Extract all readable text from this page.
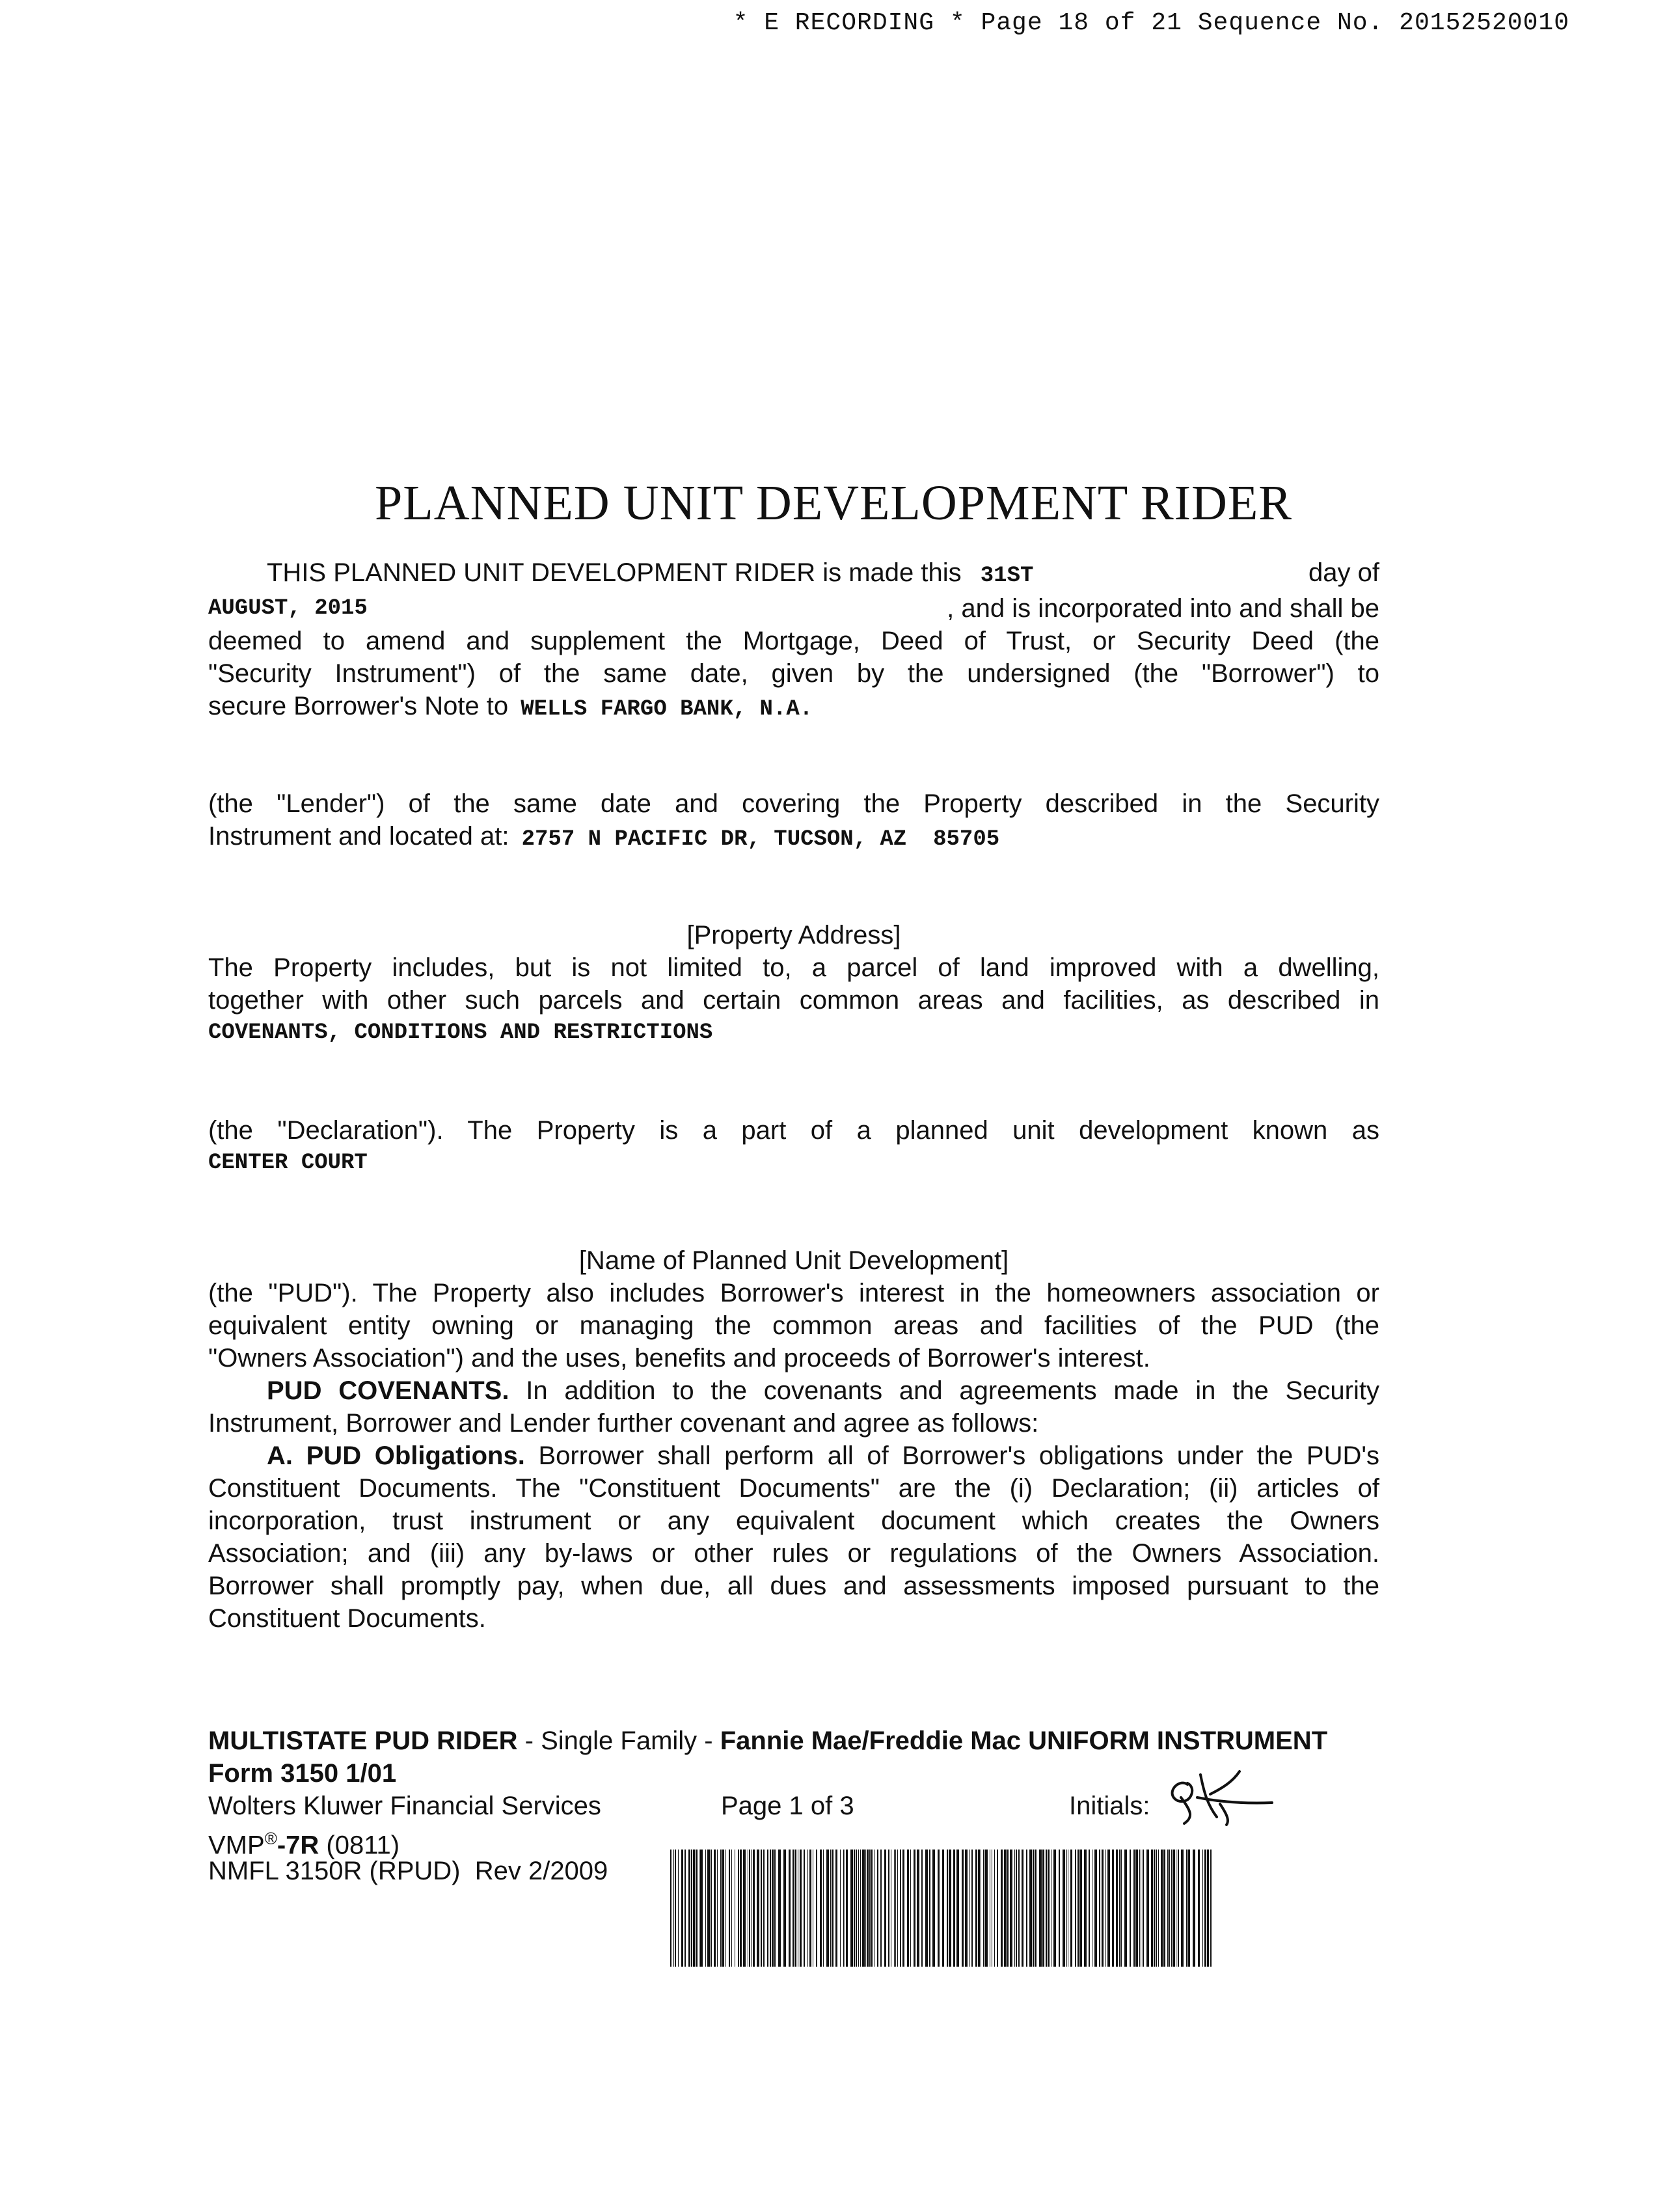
* E RECORDING * Page 18 of 21 Sequence No. 20152520010
PLANNED UNIT DEVELOPMENT RIDER
THIS PLANNED UNIT DEVELOPMENT RIDER is made this 31ST	day of
AUGUST, 2015	, and is incorporated into and shall be
deemed to amend and supplement the Mortgage, Deed of Trust, or Security Deed (the
"Security Instrument") of the same date, given by the undersigned (the "Borrower") to
secure Borrower's Note to WELLS FARGO BANK, N.A.
(the "Lender") of the same date and covering the Property described in the Security
Instrument and located at: 2757 N PACIFIC DR, TUCSON, AZ  85705
[Property Address]
The Property includes, but is not limited to, a parcel of land improved with a dwelling,
together with other such parcels and certain common areas and facilities, as described in
COVENANTS, CONDITIONS AND RESTRICTIONS
(the "Declaration"). The Property is a part of a planned unit development known as
CENTER COURT
[Name of Planned Unit Development]
(the "PUD"). The Property also includes Borrower's interest in the homeowners association or
equivalent entity owning or managing the common areas and facilities of the PUD (the
"Owners Association") and the uses, benefits and proceeds of Borrower's interest.
PUD COVENANTS. In addition to the covenants and agreements made in the Security
Instrument, Borrower and Lender further covenant and agree as follows:
A. PUD Obligations. Borrower shall perform all of Borrower's obligations under the PUD's
Constituent Documents. The "Constituent Documents" are the (i) Declaration; (ii) articles of
incorporation, trust instrument or any equivalent document which creates the Owners
Association; and (iii) any by-laws or other rules or regulations of the Owners Association.
Borrower shall promptly pay, when due, all dues and assessments imposed pursuant to the
Constituent Documents.
MULTISTATE PUD RIDER - Single Family - Fannie Mae/Freddie Mac UNIFORM INSTRUMENT
Form 3150 1/01
Wolters Kluwer Financial Services	Page 1 of 3	Initials:
VMP®-7R (0811)
NMFL 3150R (RPUD)  Rev 2/2009
